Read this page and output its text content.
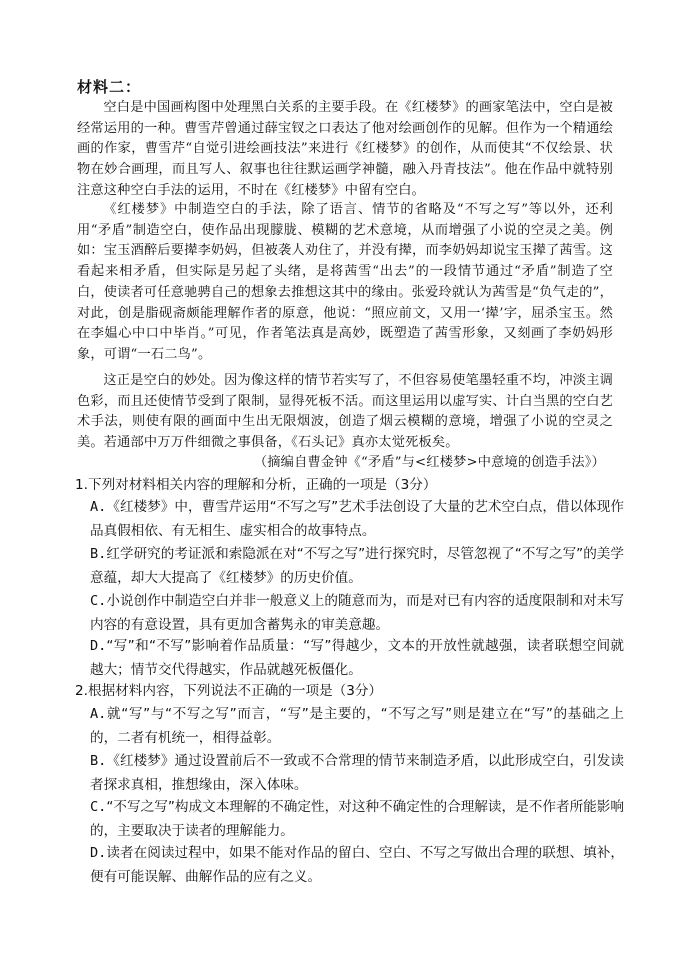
材料二：

空白是中国画构图中处理黑白关系的主要手段。在《红楼梦》的画家笔法中，空白是被经常运用的一种。曹雪芹曾通过薛宝钗之口表达了他对绘画创作的见解。但作为一个精通绘画的作家，曹雪芹“自觉引进绘画技法”来进行《红楼梦》的创作，从而使其“不仅绘景、状物在妙合画理，而且写人、叙事也往往默运画学神髓，融入丹青技法”。他在作品中就特别注意这种空白手法的运用，不时在《红楼梦》中留有空白。

《红楼梦》中制造空白的手法，除了语言、情节的省略及“不写之写”等以外，还利用“矛盾”制造空白，使作品出现朦胧、模糊的艺术意境，从而增强了小说的空灵之美。例如：宝玉酒醉后要撵李奶妈，但被袭人劝住了，并没有撵，而李奶妈却说宝玉撵了茜雪。这看起来相矛盾，但实际是另起了头绪，是将茜雪“出去”的一段情节通过“矛盾”制造了空白，使读者可任意驰骋自己的想象去推想这其中的缘由。张爱玲就认为茜雪是“负气走的”，对此，创是脂砚斋颇能理解作者的原意，他说：“照应前文，又用一‘撵’字，屈杀宝玉。然在李媪心中口中毕肖。”可见，作者笔法真是高妙，既塑造了茜雪形象，又刻画了李奶妈形象，可谓“一石二鸟”。

这正是空白的妙处。因为像这样的情节若实写了，不但容易使笔墨轻重不均，冲淡主调色彩，而且还使情节受到了限制，显得死板不活。而这里运用以虚写实、计白当黑的空白艺术手法，则使有限的画面中生出无限烟波，创造了烟云模糊的意境，增强了小说的空灵之美。若通部中万万件细微之事俱备，《石头记》真亦太觉死板矣。

（摘编自曹金钟《“矛盾”与<红楼梦>中意境的创造手法》）
1.下列对材料相关内容的理解和分析，正确的一项是（3分）
A.《红楼梦》中，曹雪芹运用“不写之写”艺术手法创设了大量的艺术空白点，借以体现作品真假相依、有无相生、虚实相合的故事特点。
B.红学研究的考证派和索隐派在对“不写之写”进行探究时，尽管忽视了“不写之写”的美学意蕴，却大大提高了《红楼梦》的历史价值。
C.小说创作中制造空白并非一般意义上的随意而为，而是对已有内容的适度限制和对未写内容的有意设置，具有更加含蓄隽永的审美意趣。
D.“写”和“不写”影响着作品质量：“写”得越少，文本的开放性就越强，读者联想空间就越大；情节交代得越实，作品就越死板僵化。
2.根据材料内容，下列说法不正确的一项是（3分）
A.就“写”与“不写之写”而言，“写”是主要的，“不写之写”则是建立在“写”的基础之上的，二者有机统一，相得益彰。
B.《红楼梦》通过设置前后不一致或不合常理的情节来制造矛盾，以此形成空白，引发读者探求真相，推想缘由，深入体味。
C.“不写之写”构成文本理解的不确定性，对这种不确定性的合理解读，是不作者所能影响的，主要取决于读者的理解能力。
D.读者在阅读过程中，如果不能对作品的留白、空白、不写之写做出合理的联想、填补，便有可能误解、曲解作品的应有之义。
